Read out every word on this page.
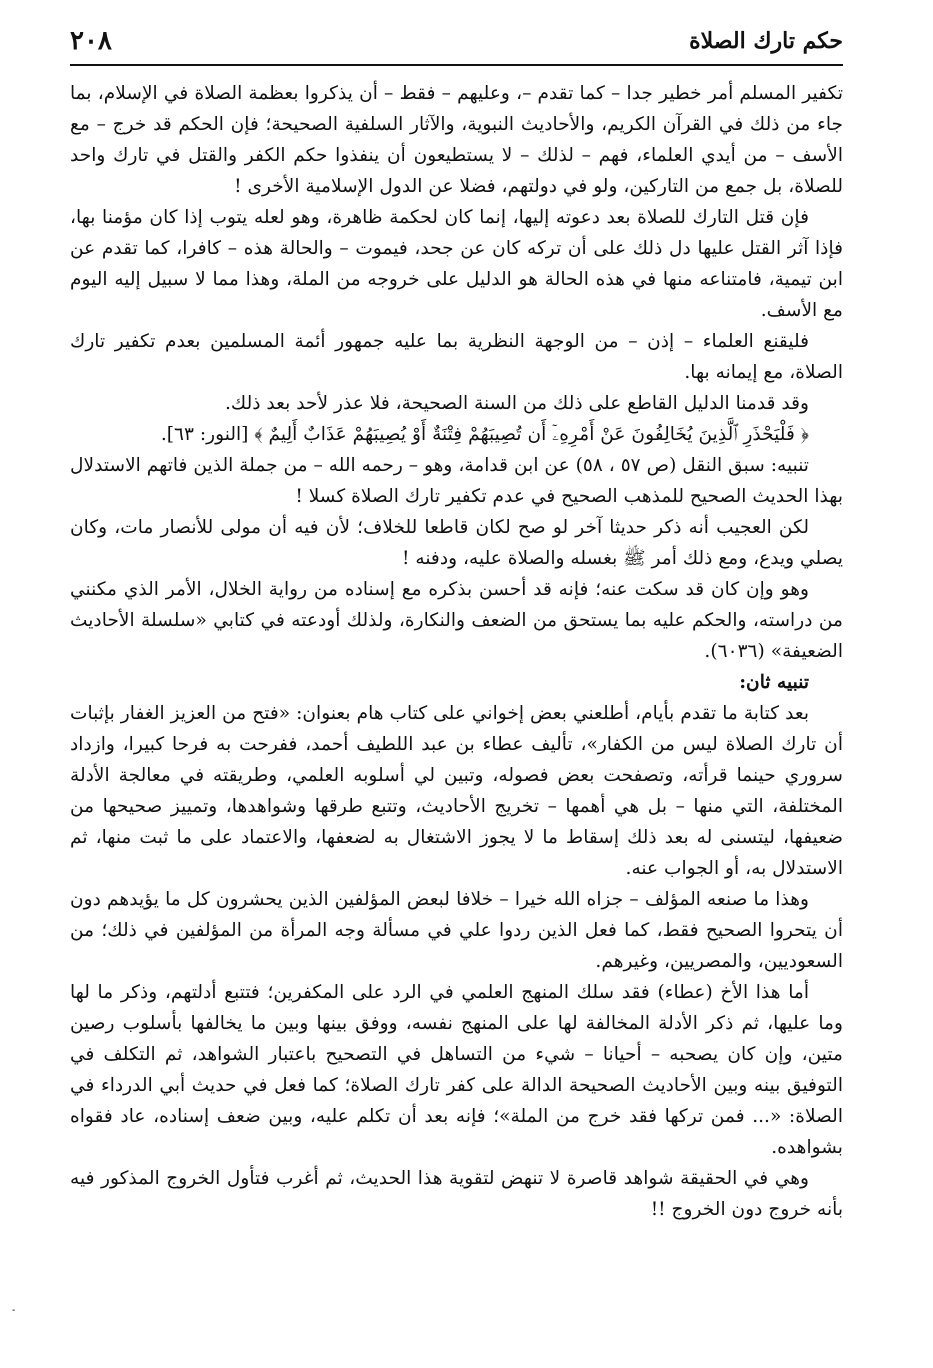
حكم تارك الصلاة
٢٠٨

تكفير المسلم أمر خطير جدا – كما تقدم –، وعليهم – فقط – أن يذكروا بعظمة الصلاة في الإسلام، بما جاء من ذلك في القرآن الكريم، والأحاديث النبوية، والآثار السلفية الصحيحة؛ فإن الحكم قد خرج – مع الأسف – من أيدي العلماء، فهم – لذلك – لا يستطيعون أن ينفذوا حكم الكفر والقتل في تارك واحد للصلاة، بل جمع من التاركين، ولو في دولتهم، فضلا عن الدول الإسلامية الأخرى !

فإن قتل التارك للصلاة بعد دعوته إليها، إنما كان لحكمة ظاهرة، وهو لعله يتوب إذا كان مؤمنا بها، فإذا آثر القتل عليها دل ذلك على أن تركه كان عن جحد، فيموت – والحالة هذه – كافرا، كما تقدم عن ابن تيمية، فامتناعه منها في هذه الحالة هو الدليل على خروجه من الملة، وهذا مما لا سبيل إليه اليوم مع الأسف.

فليقنع العلماء – إذن – من الوجهة النظرية بما عليه جمهور أئمة المسلمين بعدم تكفير تارك الصلاة، مع إيمانه بها.

وقد قدمنا الدليل القاطع على ذلك من السنة الصحيحة، فلا عذر لأحد بعد ذلك.

﴿ فَلْيَحْذَرِ ٱلَّذِينَ يُخَالِفُونَ عَنْ أَمْرِهِۦٓ أَن تُصِيبَهُمْ فِتْنَةٌ أَوْ يُصِيبَهُمْ عَذَابٌ أَلِيمٌ ﴾ [النور: ٦٣].

تنبيه: سبق النقل (ص ٥٧ ، ٥٨) عن ابن قدامة، وهو – رحمه الله – من جملة الذين فاتهم الاستدلال بهذا الحديث الصحيح للمذهب الصحيح في عدم تكفير تارك الصلاة كسلا !

لكن العجيب أنه ذكر حديثا آخر لو صح لكان قاطعا للخلاف؛ لأن فيه أن مولى للأنصار مات، وكان يصلي ويدع، ومع ذلك أمر ﷺ بغسله والصلاة عليه، ودفنه !

وهو وإن كان قد سكت عنه؛ فإنه قد أحسن بذكره مع إسناده من رواية الخلال، الأمر الذي مكنني من دراسته، والحكم عليه بما يستحق من الضعف والنكارة، ولذلك أودعته في كتابي «سلسلة الأحاديث الضعيفة» (٦٠٣٦).

تنبيه ثان:

بعد كتابة ما تقدم بأيام، أطلعني بعض إخواني على كتاب هام بعنوان: «فتح من العزيز الغفار بإثبات أن تارك الصلاة ليس من الكفار»، تأليف عطاء بن عبد اللطيف أحمد، ففرحت به فرحا كبيرا، وازداد سروري حينما قرأته، وتصفحت بعض فصوله، وتبين لي أسلوبه العلمي، وطريقته في معالجة الأدلة المختلفة، التي منها – بل هي أهمها – تخريج الأحاديث، وتتبع طرقها وشواهدها، وتمييز صحيحها من ضعيفها، ليتسنى له بعد ذلك إسقاط ما لا يجوز الاشتغال به لضعفها، والاعتماد على ما ثبت منها، ثم الاستدلال به، أو الجواب عنه.

وهذا ما صنعه المؤلف – جزاه الله خيرا – خلافا لبعض المؤلفين الذين يحشرون كل ما يؤيدهم دون أن يتحروا الصحيح فقط، كما فعل الذين ردوا علي في مسألة وجه المرأة من المؤلفين في ذلك؛ من السعوديين، والمصريين، وغيرهم.

أما هذا الأخ (عطاء) فقد سلك المنهج العلمي في الرد على المكفرين؛ فتتبع أدلتهم، وذكر ما لها وما عليها، ثم ذكر الأدلة المخالفة لها على المنهج نفسه، ووفق بينها وبين ما يخالفها بأسلوب رصين متين، وإن كان يصحبه – أحيانا – شيء من التساهل في التصحيح باعتبار الشواهد، ثم التكلف في التوفيق بينه وبين الأحاديث الصحيحة الدالة على كفر تارك الصلاة؛ كما فعل في حديث أبي الدرداء في الصلاة: «... فمن تركها فقد خرج من الملة»؛ فإنه بعد أن تكلم عليه، وبين ضعف إسناده، عاد فقواه بشواهده.

وهي في الحقيقة شواهد قاصرة لا تنهض لتقوية هذا الحديث، ثم أغرب فتأول الخروج المذكور فيه بأنه خروج دون الخروج !!

-
